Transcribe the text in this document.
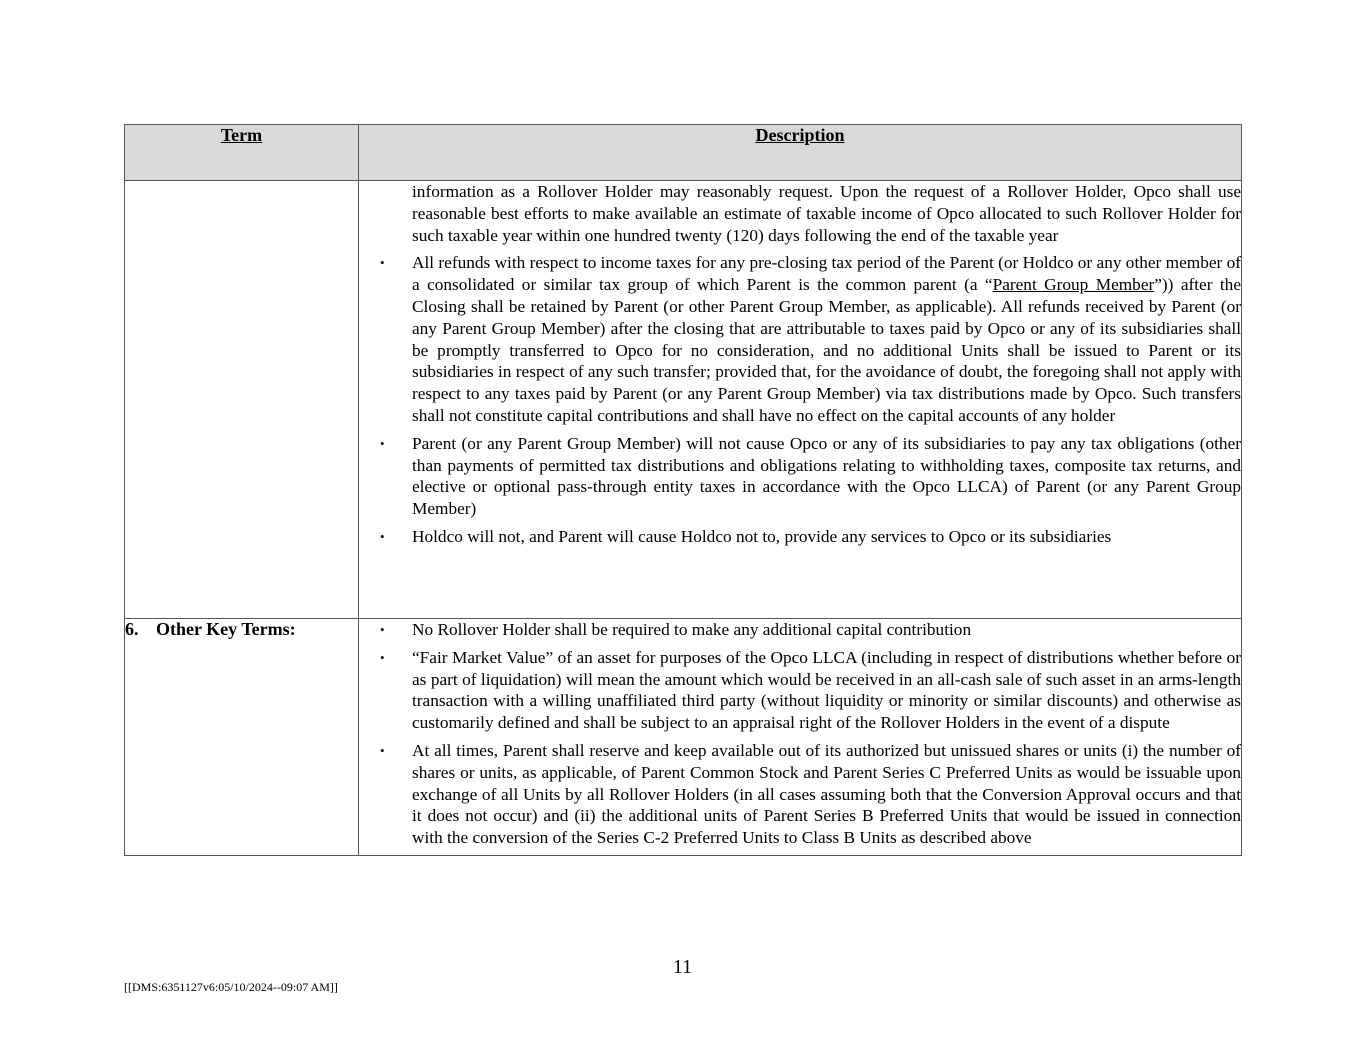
Term	Description

information as a Rollover Holder may reasonably request. Upon the request of a Rollover Holder, Opco shall use reasonable best efforts to make available an estimate of taxable income of Opco allocated to such Rollover Holder for such taxable year within one hundred twenty (120) days following the end of the taxable year

• All refunds with respect to income taxes for any pre-closing tax period of the Parent (or Holdco or any other member of a consolidated or similar tax group of which Parent is the common parent (a “Parent Group Member”)) after the Closing shall be retained by Parent (or other Parent Group Member, as applicable). All refunds received by Parent (or any Parent Group Member) after the closing that are attributable to taxes paid by Opco or any of its subsidiaries shall be promptly transferred to Opco for no consideration, and no additional Units shall be issued to Parent or its subsidiaries in respect of any such transfer; provided that, for the avoidance of doubt, the foregoing shall not apply with respect to any taxes paid by Parent (or any Parent Group Member) via tax distributions made by Opco. Such transfers shall not constitute capital contributions and shall have no effect on the capital accounts of any holder
• Parent (or any Parent Group Member) will not cause Opco or any of its subsidiaries to pay any tax obligations (other than payments of permitted tax distributions and obligations relating to withholding taxes, composite tax returns, and elective or optional pass-through entity taxes in accordance with the Opco LLCA) of Parent (or any Parent Group Member)
• Holdco will not, and Parent will cause Holdco not to, provide any services to Opco or its subsidiaries

6. Other Key Terms:	• No Rollover Holder shall be required to make any additional capital contribution
• “Fair Market Value” of an asset for purposes of the Opco LLCA (including in respect of distributions whether before or as part of liquidation) will mean the amount which would be received in an all-cash sale of such asset in an arms-length transaction with a willing unaffiliated third party (without liquidity or minority or similar discounts) and otherwise as customarily defined and shall be subject to an appraisal right of the Rollover Holders in the event of a dispute
• At all times, Parent shall reserve and keep available out of its authorized but unissued shares or units (i) the number of shares or units, as applicable, of Parent Common Stock and Parent Series C Preferred Units as would be issuable upon exchange of all Units by all Rollover Holders (in all cases assuming both that the Conversion Approval occurs and that it does not occur) and (ii) the additional units of Parent Series B Preferred Units that would be issued in connection with the conversion of the Series C-2 Preferred Units to Class B Units as described above
11
[[DMS:6351127v6:05/10/2024--09:07 AM]]
